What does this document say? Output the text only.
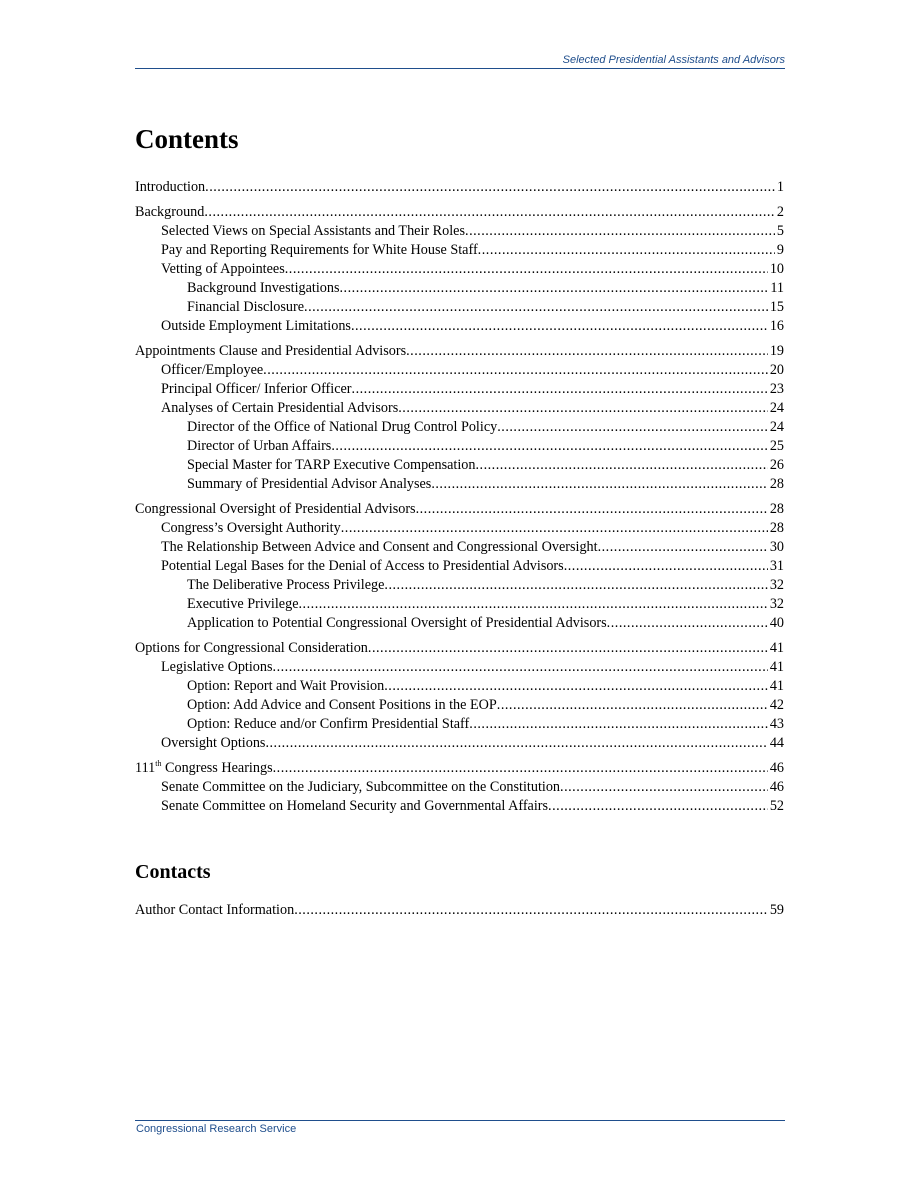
Selected Presidential Assistants and Advisors
Contents
Introduction .....	1
Background .....	2
Selected Views on Special Assistants and Their Roles .....	5
Pay and Reporting Requirements for White House Staff .....	9
Vetting of Appointees .....	10
Background Investigations .....	11
Financial Disclosure .....	15
Outside Employment Limitations .....	16
Appointments Clause and Presidential Advisors .....	19
Officer/Employee .....	20
Principal Officer/ Inferior Officer .....	23
Analyses of Certain Presidential Advisors .....	24
Director of the Office of National Drug Control Policy .....	24
Director of Urban Affairs .....	25
Special Master for TARP Executive Compensation .....	26
Summary of Presidential Advisor Analyses .....	28
Congressional Oversight of Presidential Advisors .....	28
Congress’s Oversight Authority .....	28
The Relationship Between Advice and Consent and Congressional Oversight .....	30
Potential Legal Bases for the Denial of Access to Presidential Advisors .....	31
The Deliberative Process Privilege .....	32
Executive Privilege .....	32
Application to Potential Congressional Oversight of Presidential Advisors .....	40
Options for Congressional Consideration .....	41
Legislative Options .....	41
Option: Report and Wait Provision .....	41
Option: Add Advice and Consent Positions in the EOP .....	42
Option: Reduce and/or Confirm Presidential Staff .....	43
Oversight Options .....	44
111th Congress Hearings .....	46
Senate Committee on the Judiciary, Subcommittee on the Constitution .....	46
Senate Committee on Homeland Security and Governmental Affairs .....	52
Contacts
Author Contact Information .....	59
Congressional Research Service
